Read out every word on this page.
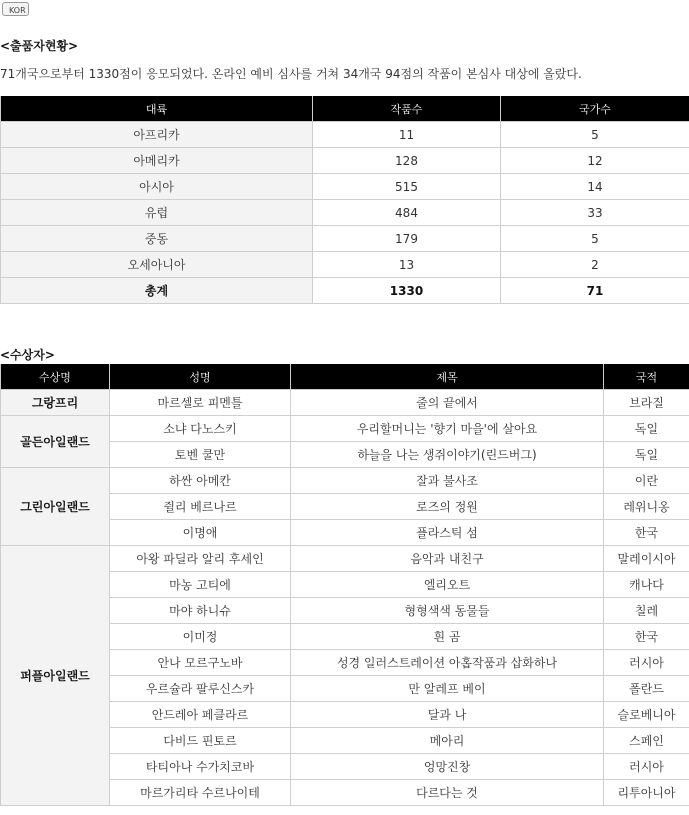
KOR
<출품자현황>
71개국으로부터 1330점이 응모되었다. 온라인 예비 심사를 거쳐 34개국 94점의 작품이 본심사 대상에 올랐다.
대륙	작품수	국가수
아프리카	11	5
아메리카	128	12
아시아	515	14
유럽	484	33
중동	179	5
오세아니아	13	2
총계	1330	71
<수상자>
수상명	성명	제목	국적
그랑프리	마르셀로 피멘틀	줄의 끝에서	브라질
골든아일랜드	소냐 다노스키	우리할머니는 '향기 마을'에 살아요	독일
	토벤 쿨만	하늘을 나는 생쥐이야기(린드버그)	독일
그린아일랜드	하싼 아메칸	잘과 불사조	이란
	쥘리 베르나르	로즈의 정원	레위니옹
	이명애	플라스틱 섬	한국
퍼플아일랜드	아왕 파딜라 알리 후세인	음악과 내친구	말레이시아
	마농 고티에	엘리오트	캐나다
	마야 하니슈	형형색색 동물들	칠레
	이미정	흰 곰	한국
	안나 모르구노바	성경 일러스트레이션 아홉작품과 삽화하나	러시아
	우르슐라 팔루신스카	만 알레프 베이	폴란드
	안드레아 페클라르	달과 나	슬로베니아
	다비드 핀토르	메아리	스페인
	타티아나 수가치코바	엉망진창	러시아
	마르가리타 수르나이테	다르다는 것	리투아니아
